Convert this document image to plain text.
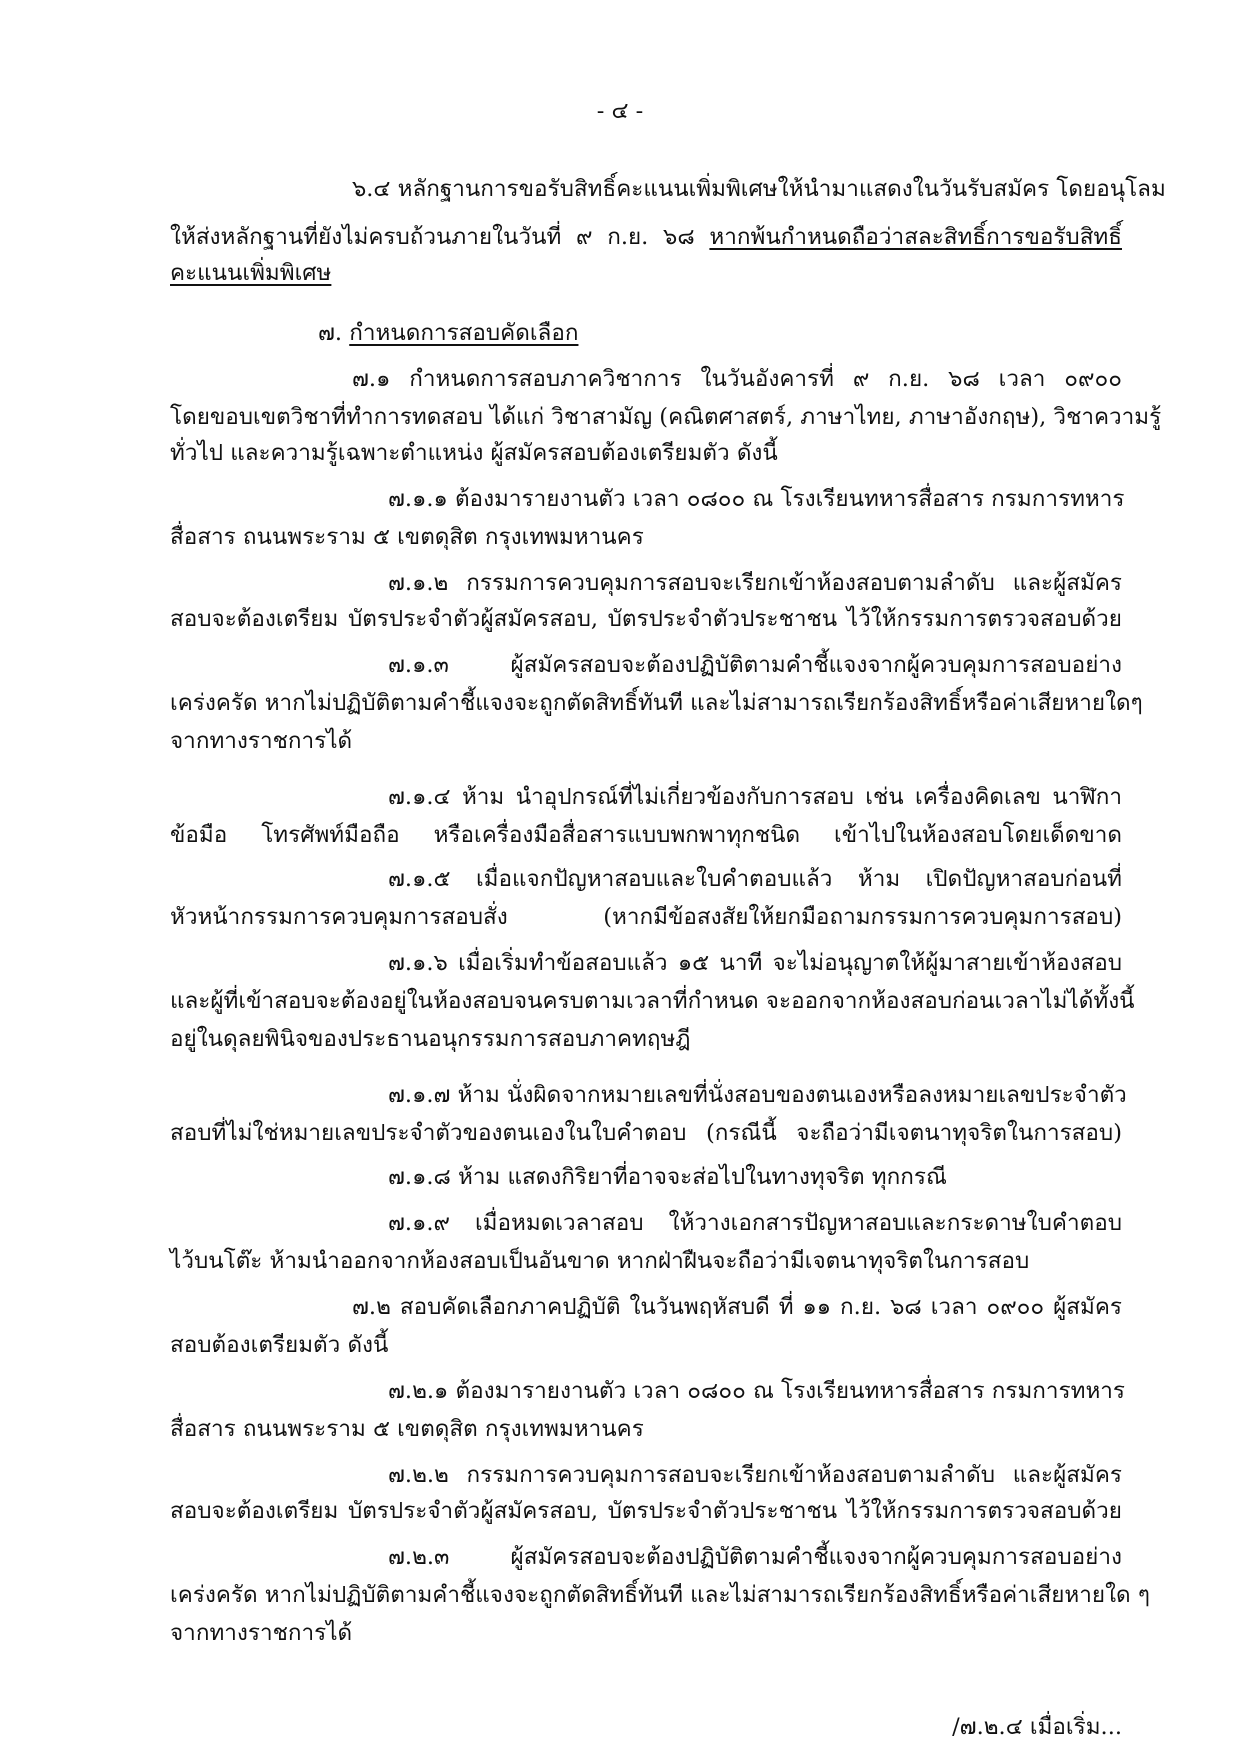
- ๔ -
๖.๔ หลักฐานการขอรับสิทธิ์คะแนนเพิ่มพิเศษให้นำมาแสดงในวันรับสมัคร โดยอนุโลม
ให้ส่งหลักฐานที่ยังไม่ครบถ้วนภายในวันที่ ๙ ก.ย. ๖๘ หากพ้นกำหนดถือว่าสละสิทธิ์การขอรับสิทธิ์
คะแนนเพิ่มพิเศษ
๗. กำหนดการสอบคัดเลือก
๗.๑ กำหนดการสอบภาควิชาการ ในวันอังคารที่ ๙ ก.ย. ๖๘ เวลา ๐๙๐๐
โดยขอบเขตวิชาที่ทำการทดสอบ ได้แก่ วิชาสามัญ (คณิตศาสตร์, ภาษาไทย, ภาษาอังกฤษ), วิชาความรู้
ทั่วไป และความรู้เฉพาะตำแหน่ง ผู้สมัครสอบต้องเตรียมตัว ดังนี้
๗.๑.๑ ต้องมารายงานตัว เวลา ๐๘๐๐ ณ โรงเรียนทหารสื่อสาร กรมการทหาร
สื่อสาร ถนนพระราม ๕ เขตดุสิต กรุงเทพมหานคร
๗.๑.๒ กรรมการควบคุมการสอบจะเรียกเข้าห้องสอบตามลำดับ และผู้สมัคร
สอบจะต้องเตรียม บัตรประจำตัวผู้สมัครสอบ, บัตรประจำตัวประชาชน ไว้ให้กรรมการตรวจสอบด้วย
๗.๑.๓ ผู้สมัครสอบจะต้องปฏิบัติตามคำชี้แจงจากผู้ควบคุมการสอบอย่าง
เคร่งครัด หากไม่ปฏิบัติตามคำชี้แจงจะถูกตัดสิทธิ์ทันที และไม่สามารถเรียกร้องสิทธิ์หรือค่าเสียหายใดๆ
จากทางราชการได้
๗.๑.๔ ห้าม นำอุปกรณ์ที่ไม่เกี่ยวข้องกับการสอบ เช่น เครื่องคิดเลข นาฬิกา
ข้อมือ โทรศัพท์มือถือ หรือเครื่องมือสื่อสารแบบพกพาทุกชนิด เข้าไปในห้องสอบโดยเด็ดขาด
๗.๑.๕ เมื่อแจกปัญหาสอบและใบคำตอบแล้ว ห้าม เปิดปัญหาสอบก่อนที่
หัวหน้ากรรมการควบคุมการสอบสั่ง (หากมีข้อสงสัยให้ยกมือถามกรรมการควบคุมการสอบ)
๗.๑.๖ เมื่อเริ่มทำข้อสอบแล้ว ๑๕ นาที จะไม่อนุญาตให้ผู้มาสายเข้าห้องสอบ
และผู้ที่เข้าสอบจะต้องอยู่ในห้องสอบจนครบตามเวลาที่กำหนด จะออกจากห้องสอบก่อนเวลาไม่ได้ทั้งนี้
อยู่ในดุลยพินิจของประธานอนุกรรมการสอบภาคทฤษฎี
๗.๑.๗ ห้าม นั่งผิดจากหมายเลขที่นั่งสอบของตนเองหรือลงหมายเลขประจำตัว
สอบที่ไม่ใช่หมายเลขประจำตัวของตนเองในใบคำตอบ (กรณีนี้ จะถือว่ามีเจตนาทุจริตในการสอบ)
๗.๑.๘ ห้าม แสดงกิริยาที่อาจจะส่อไปในทางทุจริต ทุกกรณี
๗.๑.๙ เมื่อหมดเวลาสอบ ให้วางเอกสารปัญหาสอบและกระดาษใบคำตอบ
ไว้บนโต๊ะ ห้ามนำออกจากห้องสอบเป็นอันขาด หากฝ่าฝืนจะถือว่ามีเจตนาทุจริตในการสอบ
๗.๒ สอบคัดเลือกภาคปฏิบัติ ในวันพฤหัสบดี ที่ ๑๑ ก.ย. ๖๘ เวลา ๐๙๐๐ ผู้สมัคร
สอบต้องเตรียมตัว ดังนี้
๗.๒.๑ ต้องมารายงานตัว เวลา ๐๘๐๐ ณ โรงเรียนทหารสื่อสาร กรมการทหาร
สื่อสาร ถนนพระราม ๕ เขตดุสิต กรุงเทพมหานคร
๗.๒.๒ กรรมการควบคุมการสอบจะเรียกเข้าห้องสอบตามลำดับ และผู้สมัคร
สอบจะต้องเตรียม บัตรประจำตัวผู้สมัครสอบ, บัตรประจำตัวประชาชน ไว้ให้กรรมการตรวจสอบด้วย
๗.๒.๓ ผู้สมัครสอบจะต้องปฏิบัติตามคำชี้แจงจากผู้ควบคุมการสอบอย่าง
เคร่งครัด หากไม่ปฏิบัติตามคำชี้แจงจะถูกตัดสิทธิ์ทันที และไม่สามารถเรียกร้องสิทธิ์หรือค่าเสียหายใด ๆ
จากทางราชการได้
/๗.๒.๔ เมื่อเริ่ม...
